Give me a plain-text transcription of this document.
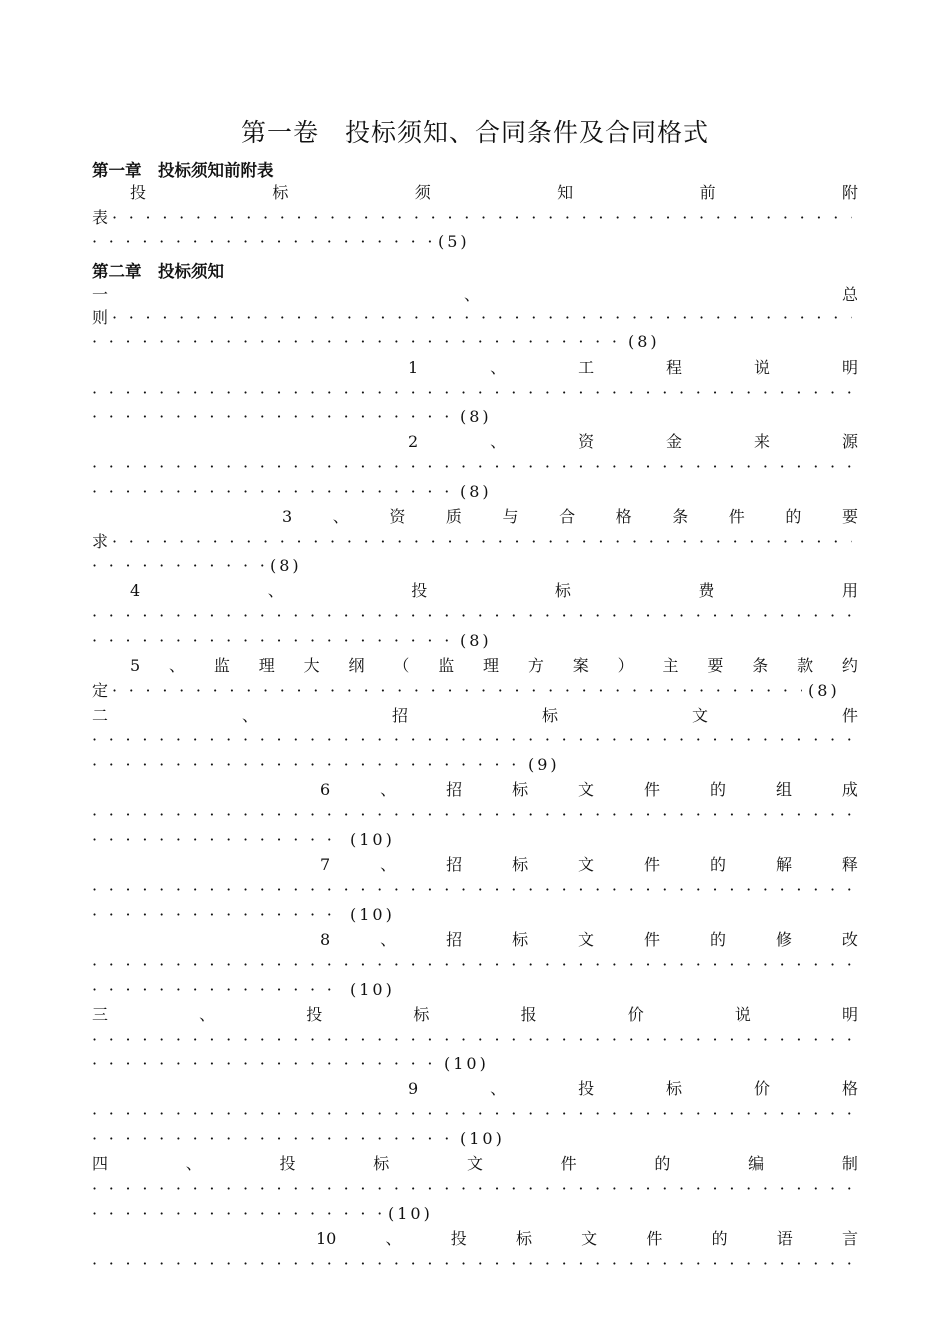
第一卷　投标须知、合同条件及合同格式
第一章　投标须知前附表
投	标	须	知	前	附
表· · ·
· · ·(5)
第二章　投标须知
一	、	总
则· · ·
· · ·(8)
1	、	工	程	说	明
· · ·
· · ·(8)
2	、	资	金	来	源
· · ·
· · ·(8)
3	、	资	质	与	合	格	条	件	的	要
求· · ·
· · ·(8)
4	、	投	标	费	用
· · ·
· · ·(8)
5 、 监 理 大 纲 （ 监 理 方 案 ） 主 要 条 款 约
定· · ·	(8)
二	、	招	标	文	件
· · ·
· · ·(9)
6	、	招	标	文	件	的	组	成
· · ·
· · ·(10)
7	、	招	标	文	件	的	解	释
· · ·
· · ·(10)
8	、	招	标	文	件	的	修	改
· · ·
· · ·(10)
三	、	投	标	报	价	说	明
· · ·
· · ·(10)
9	、	投	标	价	格
· · ·
· · ·(10)
四	、	投	标	文	件	的	编	制
· · ·
· · ·(10)
10	、	投	标	文	件	的	语	言
· · ·
